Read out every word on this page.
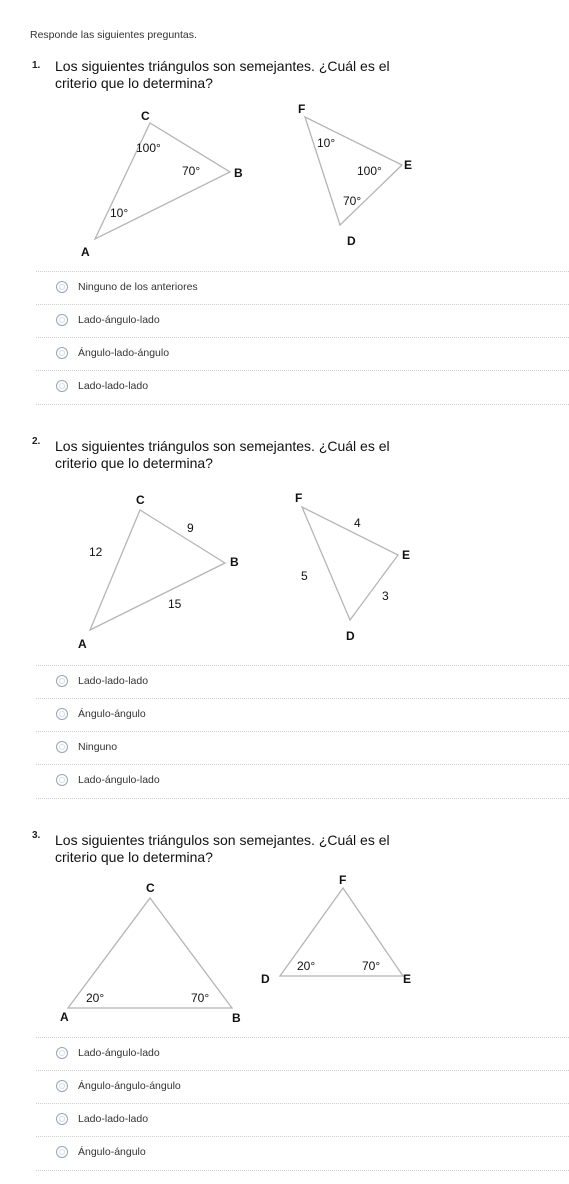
Responde las siguientes preguntas.
1. Los siguientes triángulos son semejantes. ¿Cuál es el criterio que lo determina?
C
B
A
100°
70°
10°
F
E
D
10°
100°
70°
Ninguno de los anteriores
Lado-ángulo-lado
Ángulo-lado-ángulo
Lado-lado-lado
2. Los siguientes triángulos son semejantes. ¿Cuál es el criterio que lo determina?
C
B
A
9
12
15
F
E
D
4
5
3
Lado-lado-lado
Ángulo-ángulo
Ninguno
Lado-ángulo-lado
3. Los siguientes triángulos son semejantes. ¿Cuál es el criterio que lo determina?
C
A	B
20°	70°
F
D	E
20°	70°
Lado-ángulo-lado
Ángulo-ángulo-ángulo
Lado-lado-lado
Ángulo-ángulo
